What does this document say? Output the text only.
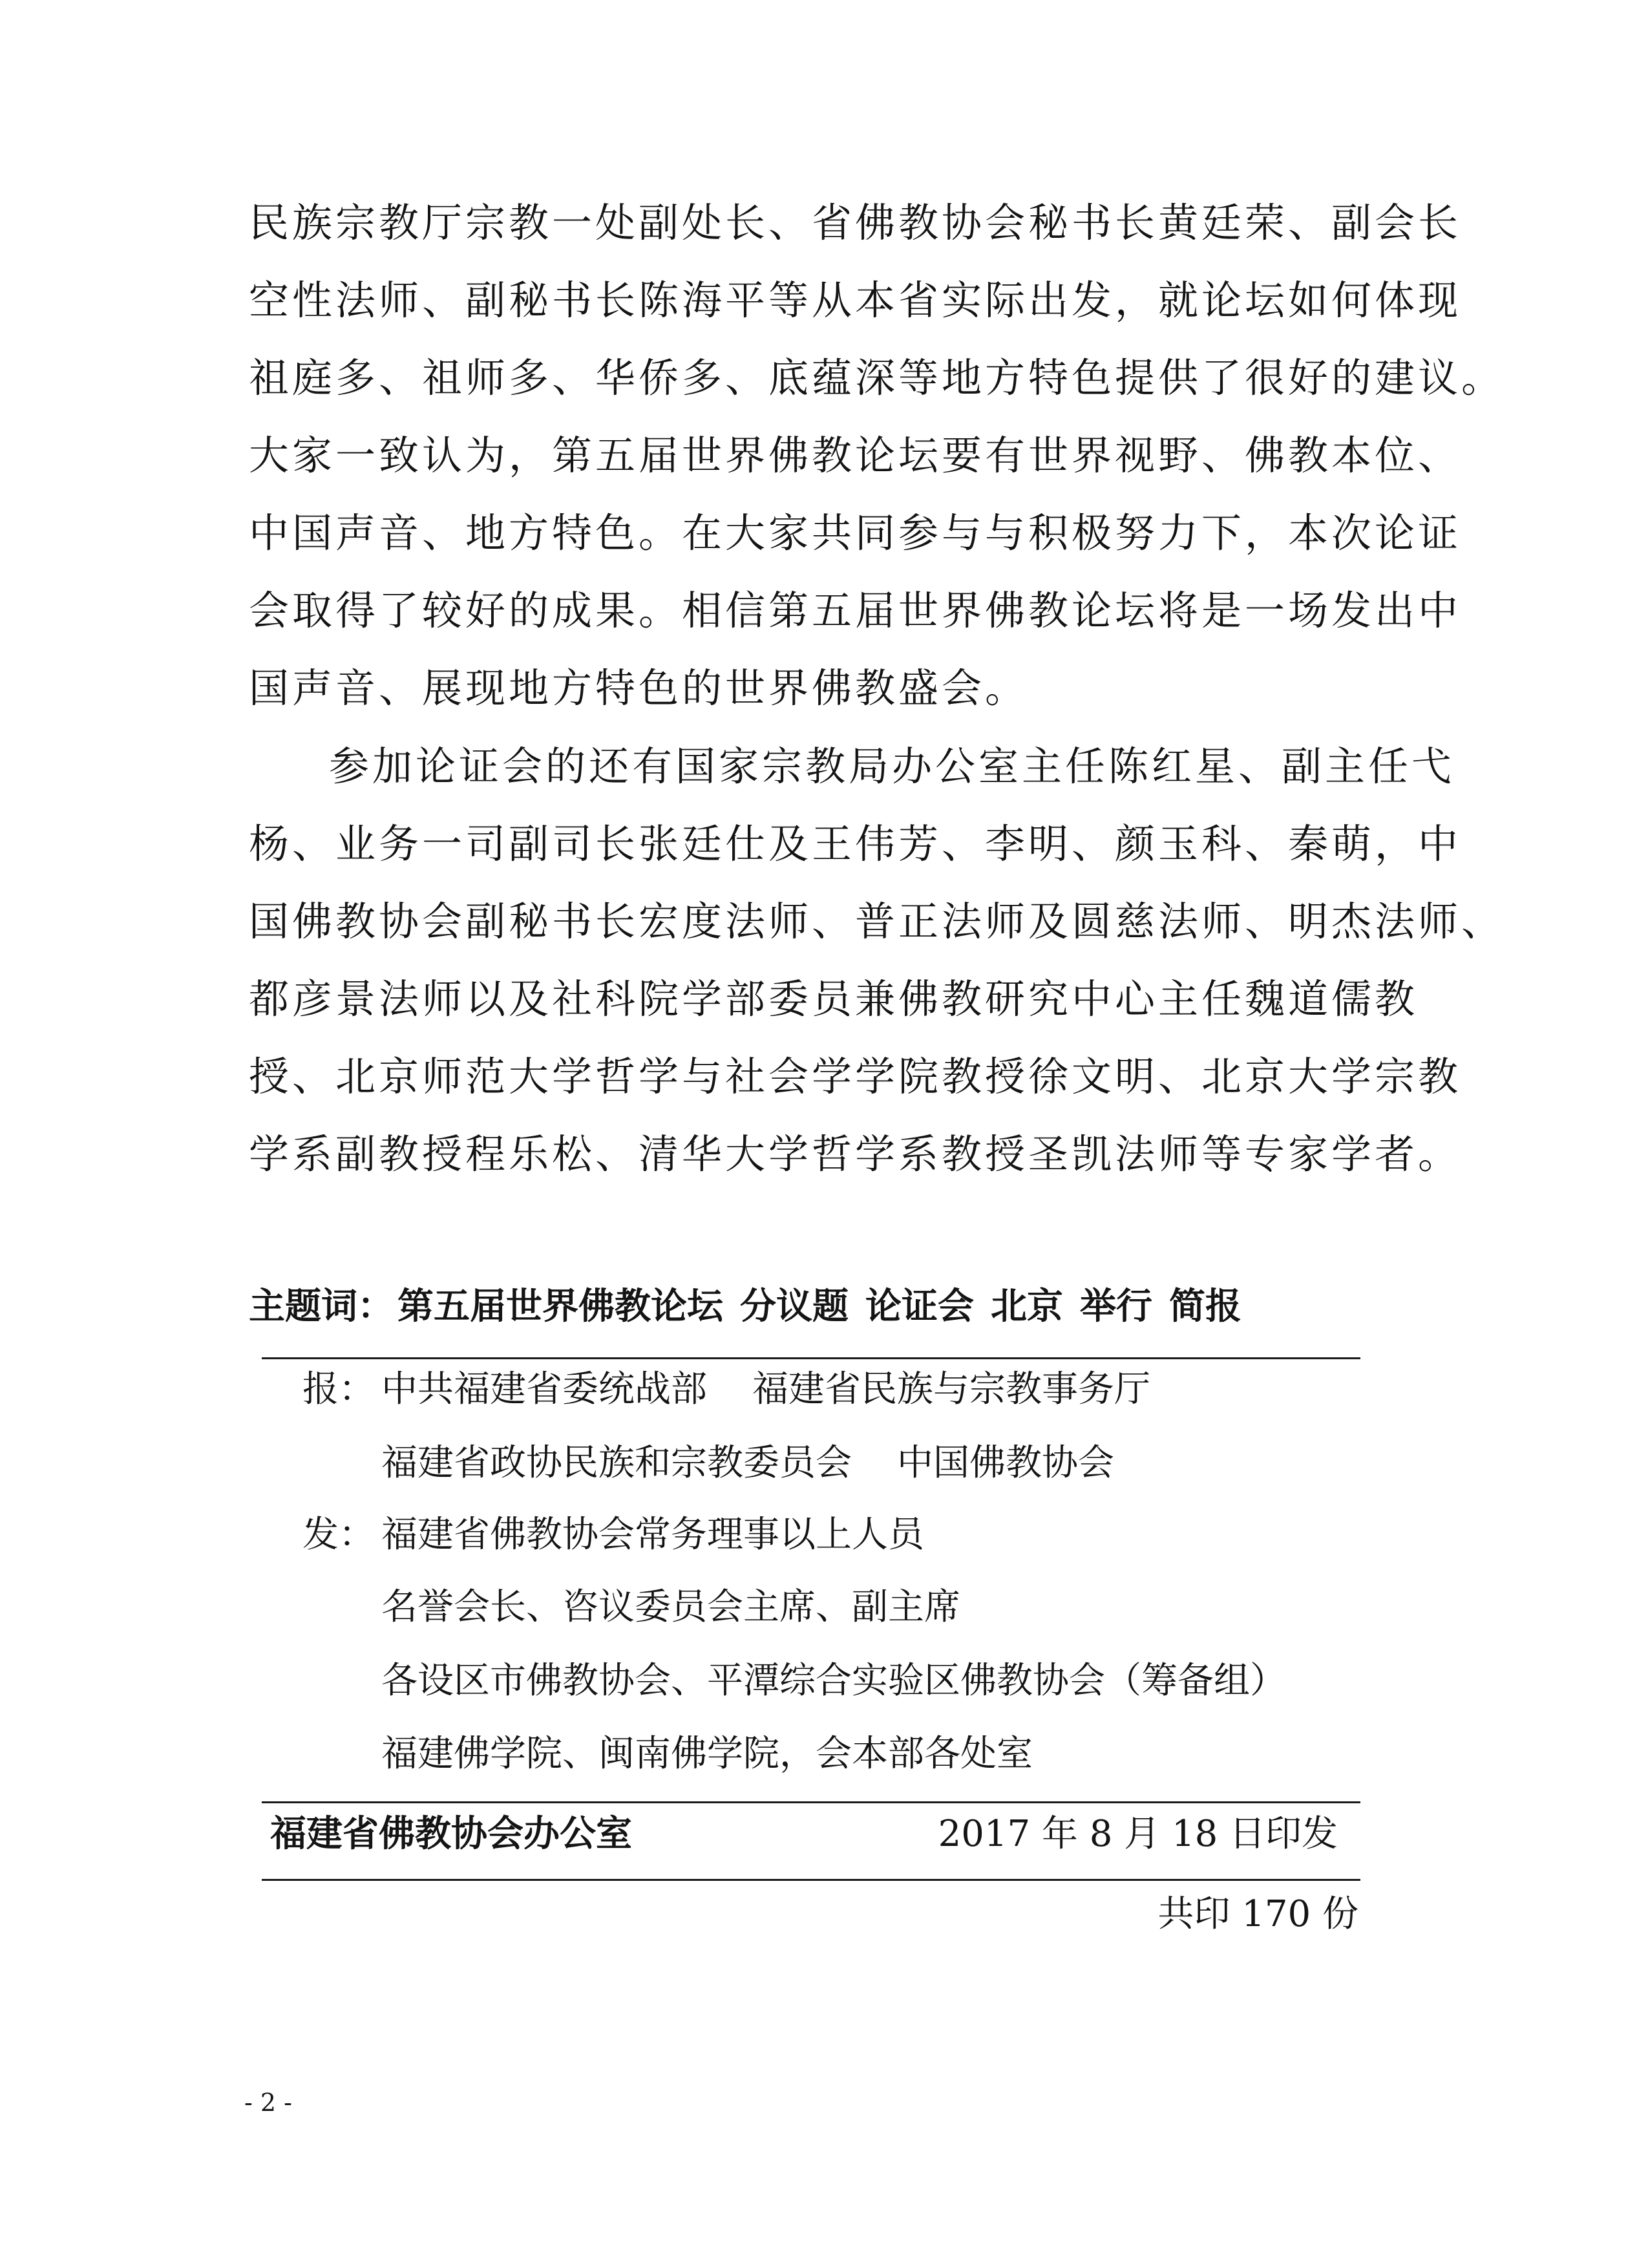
民族宗教厅宗教一处副处长、省佛教协会秘书长黄廷荣、副会长
空性法师、副秘书长陈海平等从本省实际出发，就论坛如何体现
祖庭多、祖师多、华侨多、底蕴深等地方特色提供了很好的建议。
大家一致认为，第五届世界佛教论坛要有世界视野、佛教本位、
中国声音、地方特色。在大家共同参与与积极努力下，本次论证
会取得了较好的成果。相信第五届世界佛教论坛将是一场发出中
国声音、展现地方特色的世界佛教盛会。
参加论证会的还有国家宗教局办公室主任陈红星、副主任弋
杨、业务一司副司长张廷仕及王伟芳、李明、颜玉科、秦萌，中
国佛教协会副秘书长宏度法师、普正法师及圆慈法师、明杰法师、
都彦景法师以及社科院学部委员兼佛教研究中心主任魏道儒教
授、北京师范大学哲学与社会学学院教授徐文明、北京大学宗教
学系副教授程乐松、清华大学哲学系教授圣凯法师等专家学者。
主题词： 第五届世界佛教论坛 分议题 论证会 北京 举行 简报
报： 中共福建省委统战部 福建省民族与宗教事务厅
福建省政协民族和宗教委员会 中国佛教协会
发： 福建省佛教协会常务理事以上人员
名誉会长、咨议委员会主席、副主席
各设区市佛教协会、平潭综合实验区佛教协会（筹备组）
福建佛学院、闽南佛学院，会本部各处室
福建省佛教协会办公室	2017 年 8 月 18 日印发
共印 170 份
- 2 -
